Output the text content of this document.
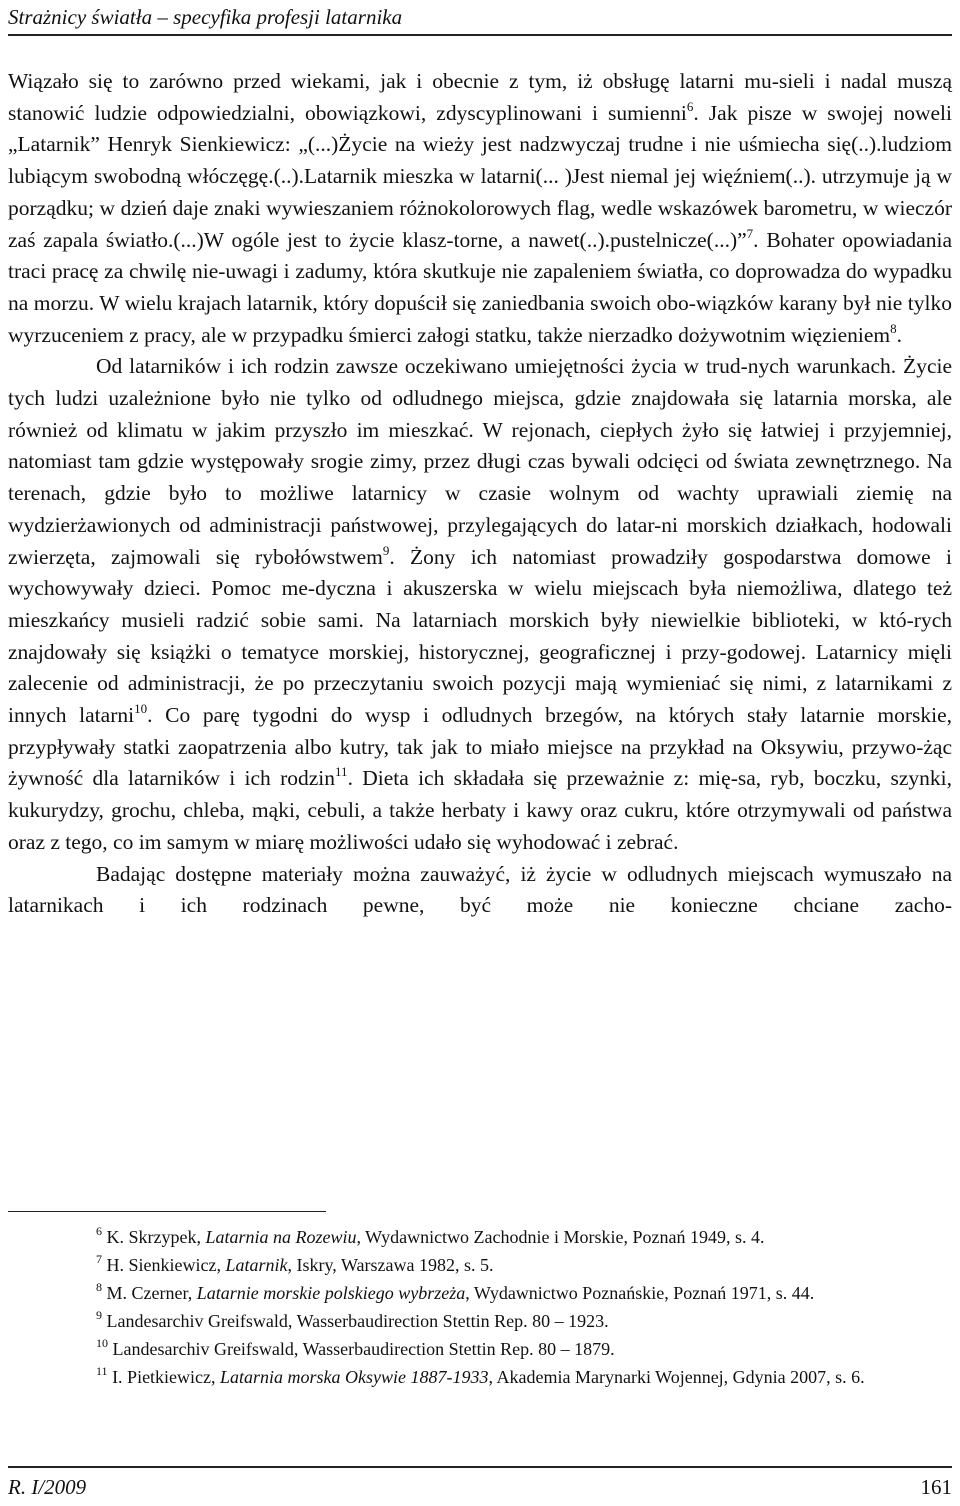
Strażnicy światła – specyfika profesji latarnika

Wiązało się to zarówno przed wiekami, jak i obecnie z tym, iż obsługę latarni mu-sieli i nadal muszą stanowić ludzie odpowiedzialni, obowiązkowi, zdyscyplinowani i sumienni$^6$. Jak pisze w swojej noweli „Latarnik” Henryk Sienkiewicz: „(...)Życie na wieży jest nadzwyczaj trudne i nie uśmiecha się(..).ludziom lubiącym swobodną włóczęgę.(..).Latarnik mieszka w latarni(... )Jest niemal jej więźniem(..). utrzymuje ją w porządku; w dzień daje znaki wywieszaniem różnokolorowych flag, wedle wskazówek barometru, w wieczór zaś zapala światło.(...)W ogóle jest to życie klasz-torne, a nawet(..).pustelnicze(...)”$^7$. Bohater opowiadania traci pracę za chwilę nie-uwagi i zadumy, która skutkuje nie zapaleniem światła, co doprowadza do wypadku na morzu. W wielu krajach latarnik, który dopuścił się zaniedbania swoich obo-wiązków karany był nie tylko wyrzuceniem z pracy, ale w przypadku śmierci załogi statku, także nierzadko dożywotnim więzieniem$^8$.

Od latarników i ich rodzin zawsze oczekiwano umiejętności życia w trud-nych warunkach. Życie tych ludzi uzależnione było nie tylko od odludnego miejsca, gdzie znajdowała się latarnia morska, ale również od klimatu w jakim przyszło im mieszkać. W rejonach, ciepłych żyło się łatwiej i przyjemniej, natomiast tam gdzie występowały srogie zimy, przez długi czas bywali odcięci od świata zewnętrznego. Na terenach, gdzie było to możliwe latarnicy w czasie wolnym od wachty uprawiali ziemię na wydzierżawionych od administracji państwowej, przylegających do latar-ni morskich działkach, hodowali zwierzęta, zajmowali się rybołówstwem$^9$. Żony ich natomiast prowadziły gospodarstwa domowe i wychowywały dzieci. Pomoc me-dyczna i akuszerska w wielu miejscach była niemożliwa, dlatego też mieszkańcy musieli radzić sobie sami. Na latarniach morskich były niewielkie biblioteki, w któ-rych znajdowały się książki o tematyce morskiej, historycznej, geograficznej i przy-godowej. Latarnicy mięli zalecenie od administracji, że po przeczytaniu swoich pozycji mają wymieniać się nimi, z latarnikami z innych latarni$^{10}$. Co parę tygodni do wysp i odludnych brzegów, na których stały latarnie morskie, przypływały statki zaopatrzenia albo kutry, tak jak to miało miejsce na przykład na Oksywiu, przywo-żąc żywność dla latarników i ich rodzin$^{11}$. Dieta ich składała się przeważnie z: mię-sa, ryb, boczku, szynki, kukurydzy, grochu, chleba, mąki, cebuli, a także herbaty i kawy oraz cukru, które otrzymywali od państwa oraz z tego, co im samym w miarę możliwości udało się wyhodować i zebrać.

Badając dostępne materiały można zauważyć, iż życie w odludnych miejscach wymuszało na latarnikach i ich rodzinach pewne, być może nie konieczne chciane zacho-

$^6$ K. Skrzypek, Latarnia na Rozewiu, Wydawnictwo Zachodnie i Morskie, Poznań 1949, s. 4.

$^7$ H. Sienkiewicz, Latarnik, Iskry, Warszawa 1982, s. 5.

$^8$ M. Czerner, Latarnie morskie polskiego wybrzeża, Wydawnictwo Poznańskie, Poznań 1971, s. 44.

$^9$ Landesarchiv Greifswald, Wasserbaudirection Stettin Rep. 80 – 1923.

$^{10}$ Landesarchiv Greifswald, Wasserbaudirection Stettin Rep. 80 – 1879.

$^{11}$ I. Pietkiewicz, Latarnia morska Oksywie 1887-1933, Akademia Marynarki Wojennej, Gdynia 2007, s. 6.

R. I/2009	161
